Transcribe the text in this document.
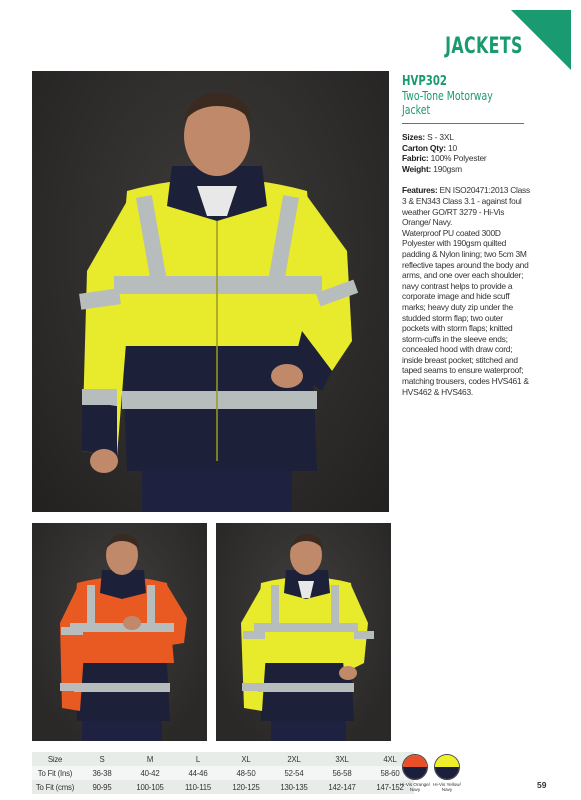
JACKETS
HVP302
Two-Tone Motorway
Jacket
Sizes: S - 3XL
Carton Qty: 10
Fabric: 100% Polyester
Weight: 190gsm
Features: EN ISO20471:2013 Class 3 & EN343 Class 3.1 - against foul weather GO/RT 3279 - Hi-Vis Orange/ Navy.
Waterproof PU coated 300D Polyester with 190gsm quilted padding & Nylon lining; two 5cm 3M reflective tapes around the body and arms, and one over each shoulder; navy contrast helps to provide a corporate image and hide scuff marks; heavy duty zip under the studded storm flap; two outer pockets with storm flaps; knitted storm-cuffs in the sleeve ends; concealed hood with draw cord; inside breast pocket; stitched and taped seams to ensure waterproof; matching trousers, codes HVS461 & HVS462 & HVS463.
Size	S	M	L	XL	2XL	3XL	4XL
To Fit (Ins)	36-38	40-42	44-46	48-50	52-54	56-58	58-60
To Fit (cms)	90-95	100-105	110-115	120-125	130-135	142-147	147-152
Hi-Vis Orange/
Navy
Hi-Vis Yellow/
Navy	59
